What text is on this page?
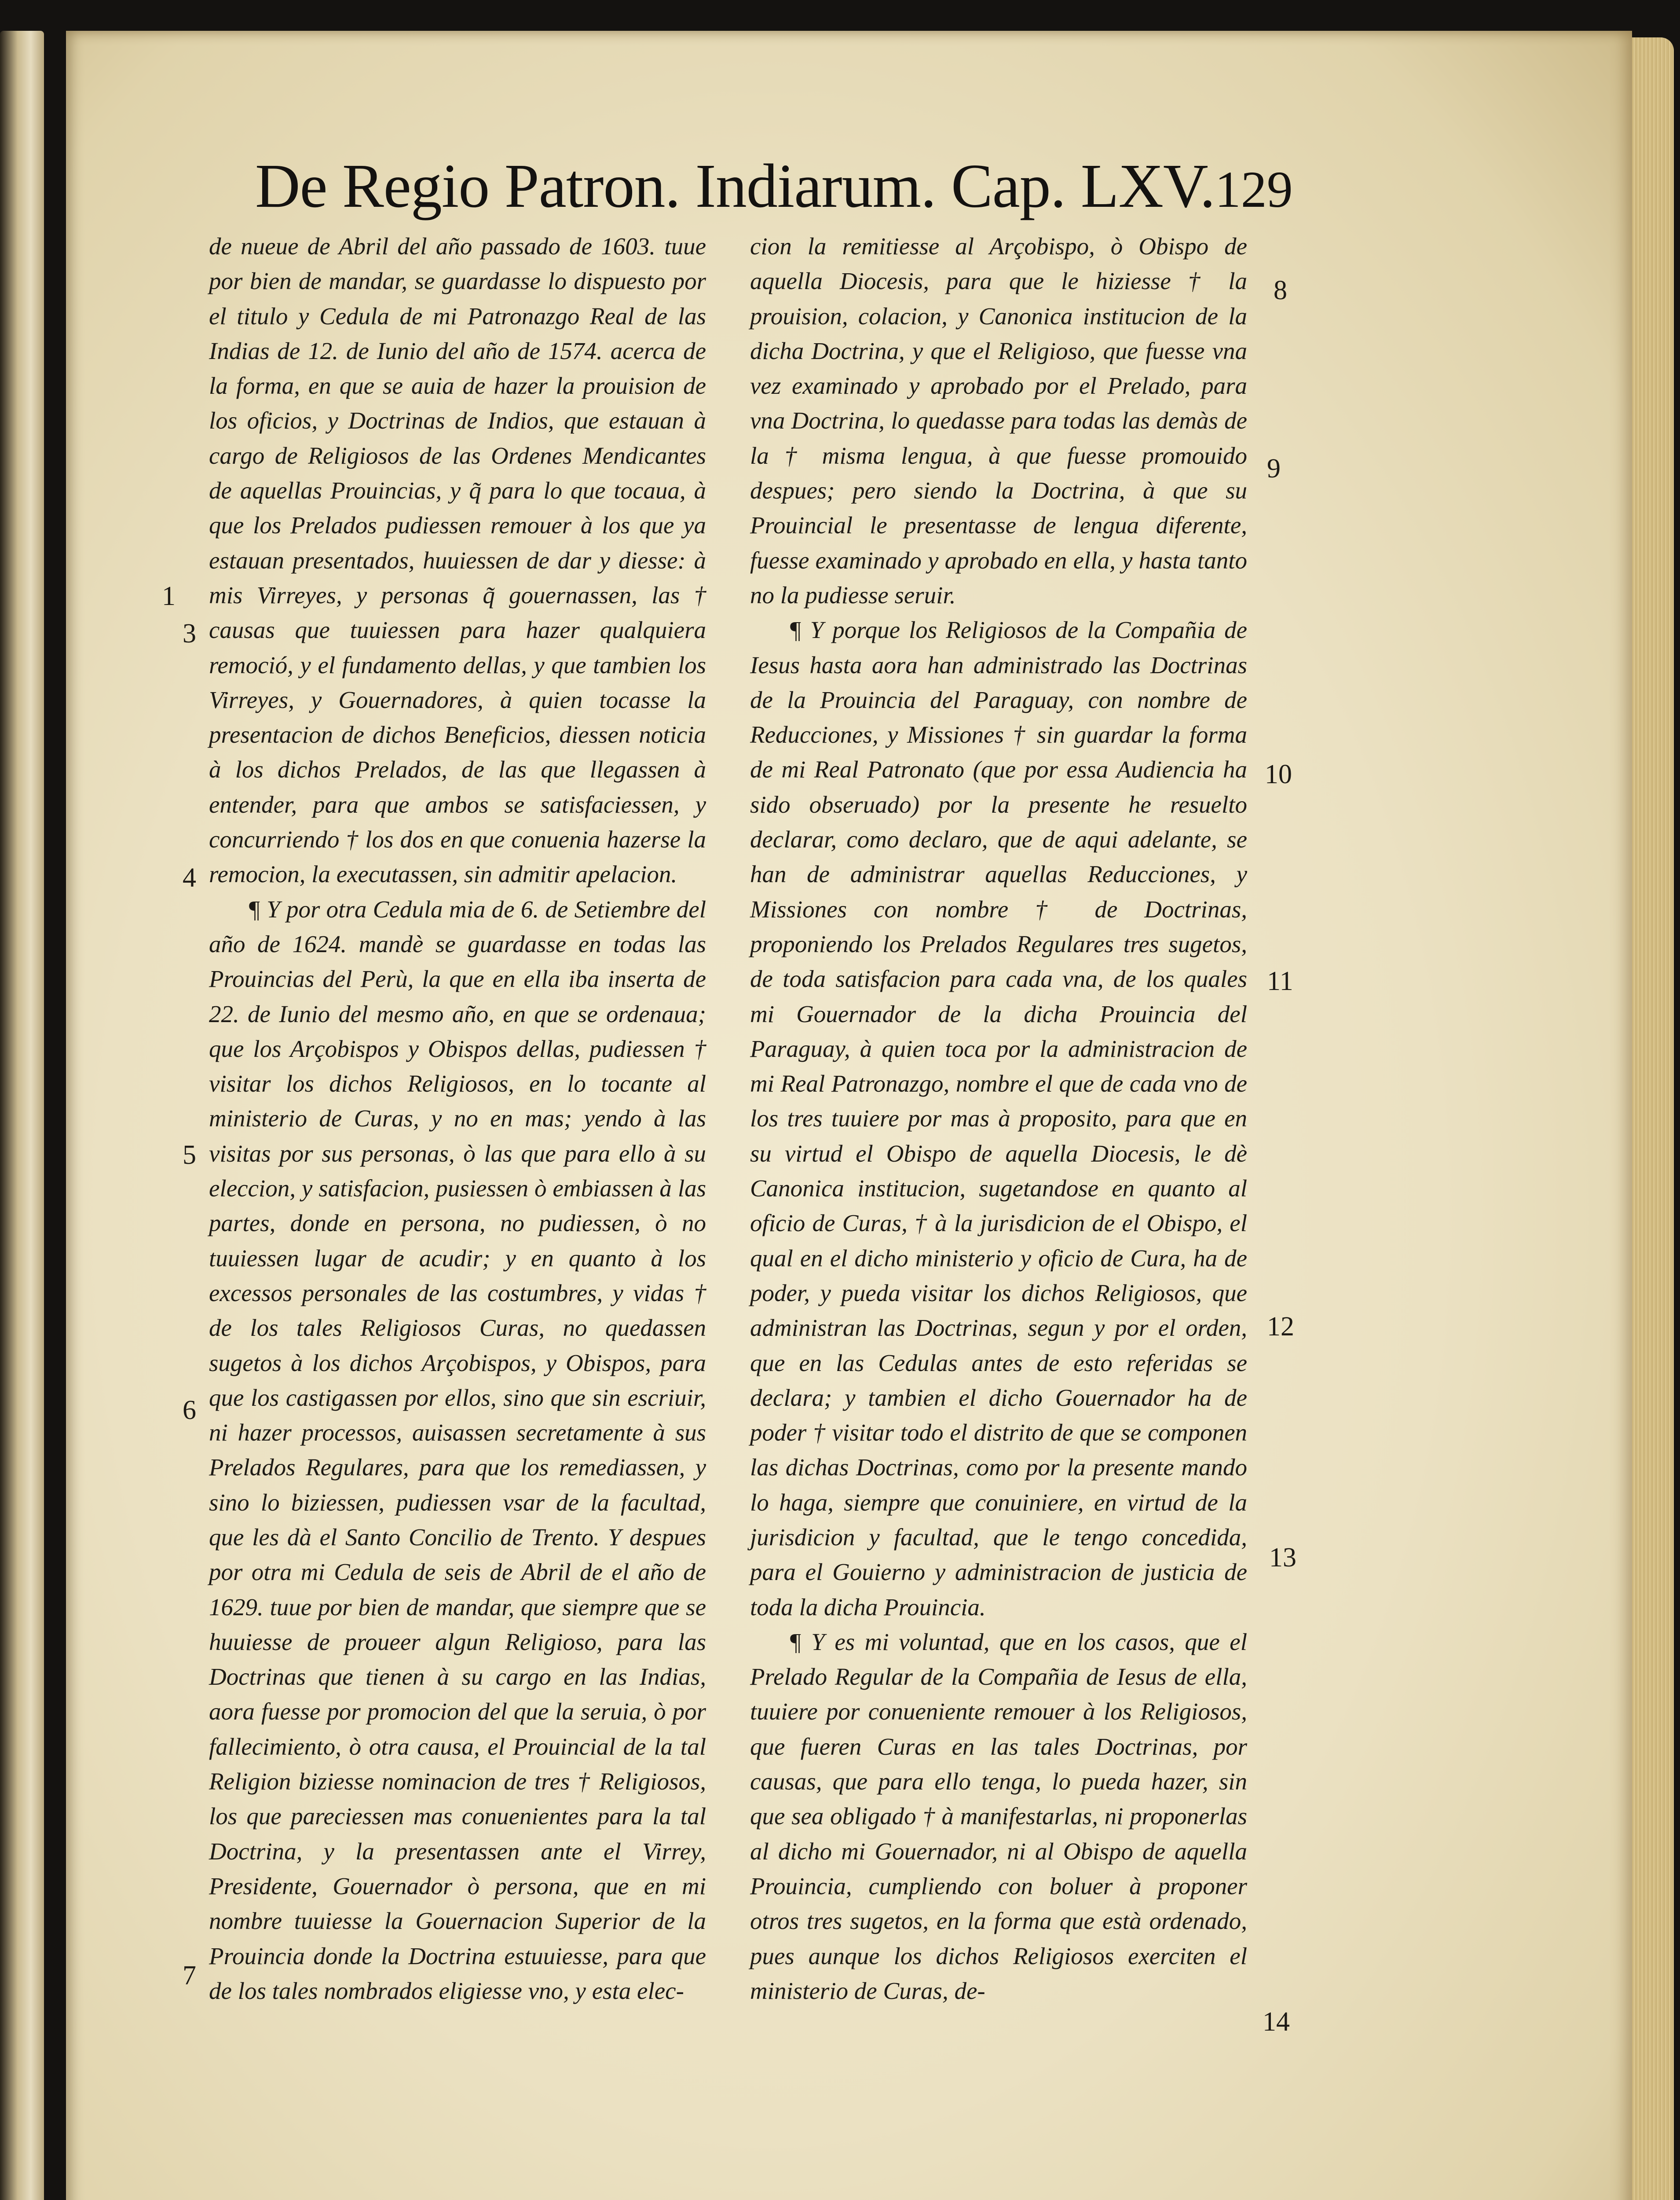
De Regio Patron. Indiarum. Cap. LXV. 129

de nueue de Abril del año passado de 1603. tuue por bien de mandar, se guardasse lo dispuesto por el titulo y Cedula de mi Patronazgo Real de las Indias de 12. de Iunio del año de 1574. acerca de la forma, en que se auia de hazer la prouision de los oficios, y Doctrinas de Indios, que estauan à cargo de Religiosos de las Ordenes Mendicantes de aquellas Prouincias, y q̃ para lo que tocaua, à que los Prelados pudiessen remouer à los que ya estauan presentados, huuiessen de dar y diesse: à mis Virreyes, y personas q̃ gouernassen, las † causas que tuuiessen para hazer qualquiera remoció, y el fundamento dellas, y que tambien los Virreyes, y Gouernadores, à quien tocasse la presentacion de dichos Beneficios, diessen noticia à los dichos Prelados, de las que llegassen à entender, para que ambos se satisfaciessen, y concurriendo † los dos en que conuenia hazerse la remocion, la executassen, sin admitir apelacion.

¶ Y por otra Cedula mia de 6. de Setiembre del año de 1624. mandè se guardasse en todas las Prouincias del Perù, la que en ella iba inserta de 22. de Iunio del mesmo año, en que se ordenaua; que los Arçobispos y Obispos dellas, pudiessen † visitar los dichos Religiosos, en lo tocante al ministerio de Curas, y no en mas; yendo à las visitas por sus personas, ò las que para ello à su eleccion, y satisfacion, pusiessen ò embiassen à las partes, donde en persona, no pudiessen, ò no tuuiessen lugar de acudir; y en quanto à los excessos personales de las costumbres, y vidas † de los tales Religiosos Curas, no quedassen sugetos à los dichos Arçobispos, y Obispos, para que los castigassen por ellos, sino que sin escriuir, ni hazer processos, auisassen secretamente à sus Prelados Regulares, para que los remediassen, y sino lo biziessen, pudiessen vsar de la facultad, que les dà el Santo Concilio de Trento. Y despues por otra mi Cedula de seis de Abril de el año de 1629. tuue por bien de mandar, que siempre que se huuiesse de proueer algun Religioso, para las Doctrinas que tienen à su cargo en las Indias, aora fuesse por promocion del que la seruia, ò por fallecimiento, ò otra causa, el Prouincial de la tal Religion biziesse nominacion de tres † Religiosos, los que pareciessen mas conuenientes para la tal Doctrina, y la presentassen ante el Virrey, Presidente, Gouernador ò persona, que en mi nombre tuuiesse la Gouernacion Superior de la Prouincia donde la Doctrina estuuiesse, para que de los tales nombrados eligiesse vno, y esta elec-

cion la remitiesse al Arçobispo, ò Obispo de aquella Diocesis, para que le hiziesse † la prouision, colacion, y Canonica institucion de la dicha Doctrina, y que el Religioso, que fuesse vna vez examinado y aprobado por el Prelado, para vna Doctrina, lo quedasse para todas las demàs de la † misma lengua, à que fuesse promouido despues; pero siendo la Doctrina, à que su Prouincial le presentasse de lengua diferente, fuesse examinado y aprobado en ella, y hasta tanto no la pudiesse seruir.

¶ Y porque los Religiosos de la Compañia de Iesus hasta aora han administrado las Doctrinas de la Prouincia del Paraguay, con nombre de Reducciones, y Missiones † sin guardar la forma de mi Real Patronato (que por essa Audiencia ha sido obseruado) por la presente he resuelto declarar, como declaro, que de aqui adelante, se han de administrar aquellas Reducciones, y Missiones con nombre † de Doctrinas, proponiendo los Prelados Regulares tres sugetos, de toda satisfacion para cada vna, de los quales mi Gouernador de la dicha Prouincia del Paraguay, à quien toca por la administracion de mi Real Patronazgo, nombre el que de cada vno de los tres tuuiere por mas à proposito, para que en su virtud el Obispo de aquella Diocesis, le dè Canonica institucion, sugetandose en quanto al oficio de Curas, † à la jurisdicion de el Obispo, el qual en el dicho ministerio y oficio de Cura, ha de poder, y pueda visitar los dichos Religiosos, que administran las Doctrinas, segun y por el orden, que en las Cedulas antes de esto referidas se declara; y tambien el dicho Gouernador ha de poder † visitar todo el distrito de que se componen las dichas Doctrinas, como por la presente mando lo haga, siempre que conuiniere, en virtud de la jurisdicion y facultad, que le tengo concedida, para el Gouierno y administracion de justicia de toda la dicha Prouincia.

¶ Y es mi voluntad, que en los casos, que el Prelado Regular de la Compañia de Iesus de ella, tuuiere por conueniente remouer à los Religiosos, que fueren Curas en las tales Doctrinas, por causas, que para ello tenga, lo pueda hazer, sin que sea obligado † à manifestarlas, ni proponerlas al dicho mi Gouernador, ni al Obispo de aquella Prouincia, cumpliendo con boluer à proponer otros tres sugetos, en la forma que està ordenado, pues aunque los dichos Religiosos exerciten el ministerio de Curas, de-

1
3
4
5
6
7
8
9
10
11
12
13
14
